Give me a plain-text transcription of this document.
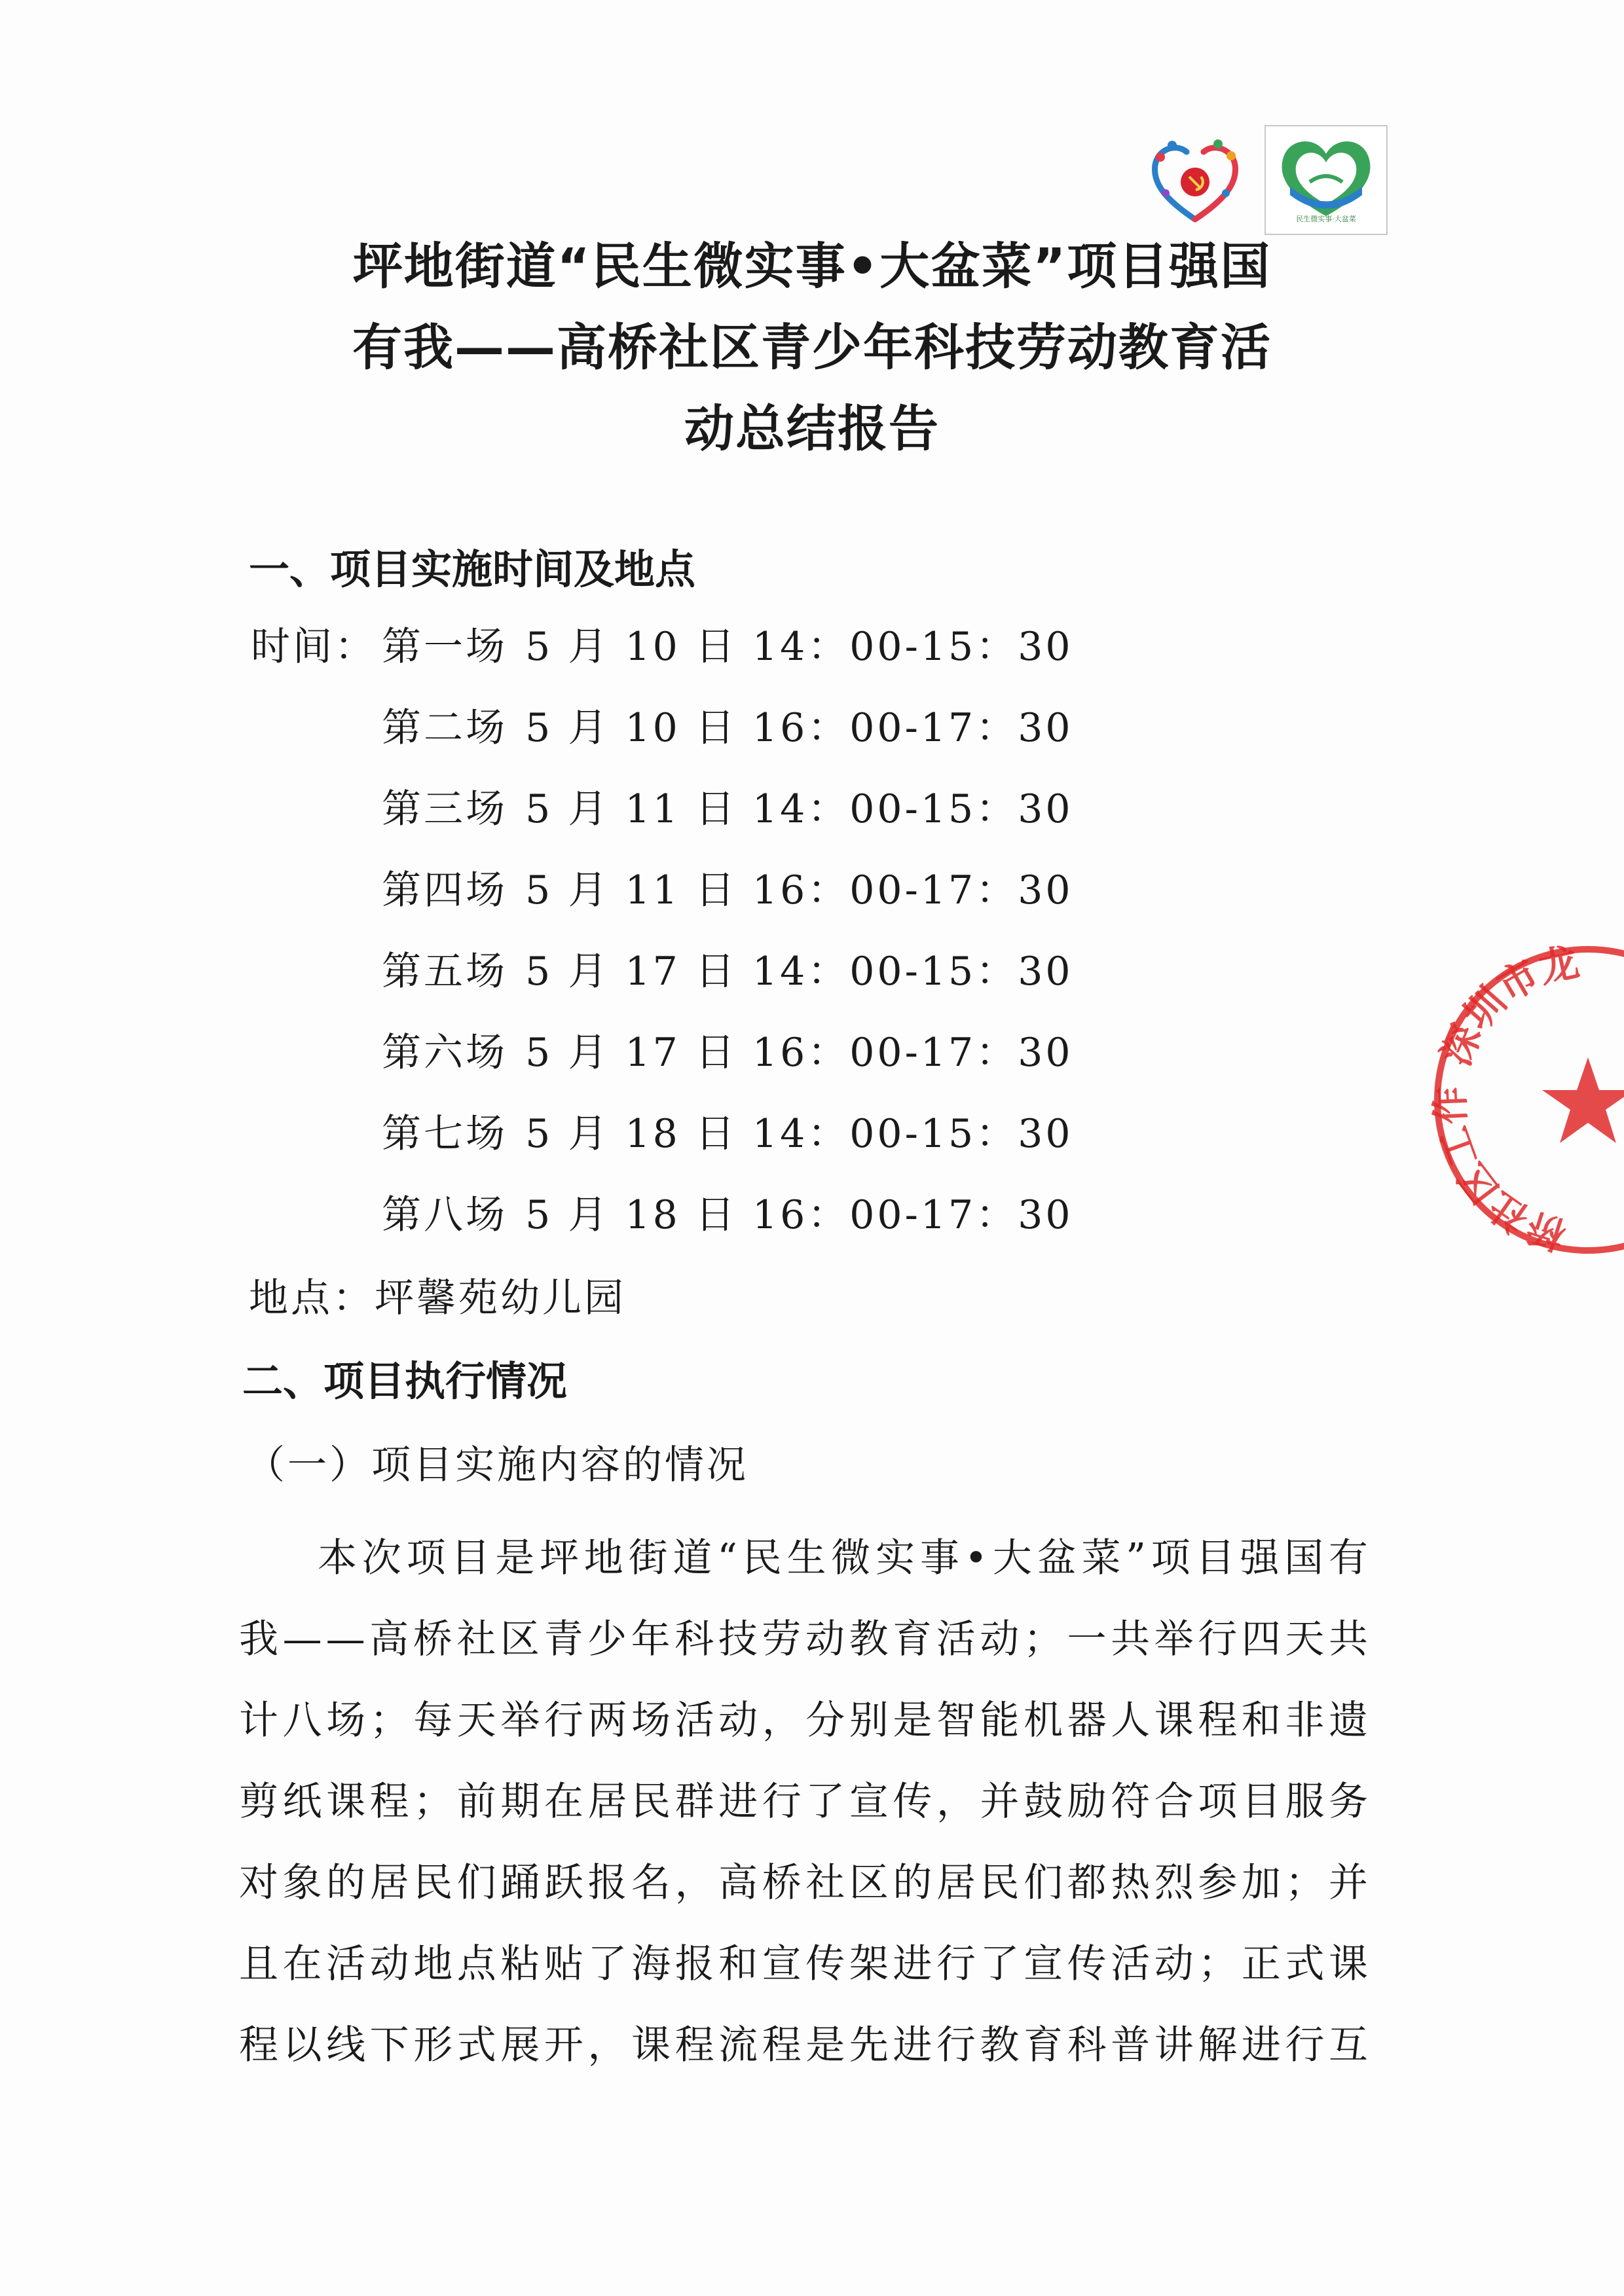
民生微实事·大盆菜
坪地街道“民生微实事•大盆菜”项目强国
有我——高桥社区青少年科技劳动教育活
动总结报告
一、项目实施时间及地点
时间： 第一场 5 月 10 日 14：00-15：30
第二场 5 月 10 日 16：00-17：30
第三场 5 月 11 日 14：00-15：30
第四场 5 月 11 日 16：00-17：30
第五场 5 月 17 日 14：00-15：30
第六场 5 月 17 日 16：00-17：30
第七场 5 月 18 日 14：00-15：30
第八场 5 月 18 日 16：00-17：30
地点：坪馨苑幼儿园
二、项目执行情况
（一）项目实施内容的情况
本次项目是坪地街道“民生微实事•大盆菜”项目强国有
我——高桥社区青少年科技劳动教育活动；一共举行四天共
计八场；每天举行两场活动，分别是智能机器人课程和非遗
剪纸课程；前期在居民群进行了宣传，并鼓励符合项目服务
对象的居民们踊跃报名，高桥社区的居民们都热烈参加；并
且在活动地点粘贴了海报和宣传架进行了宣传活动；正式课
程以线下形式展开，课程流程是先进行教育科普讲解进行互
深圳市龙
桥社区工作
